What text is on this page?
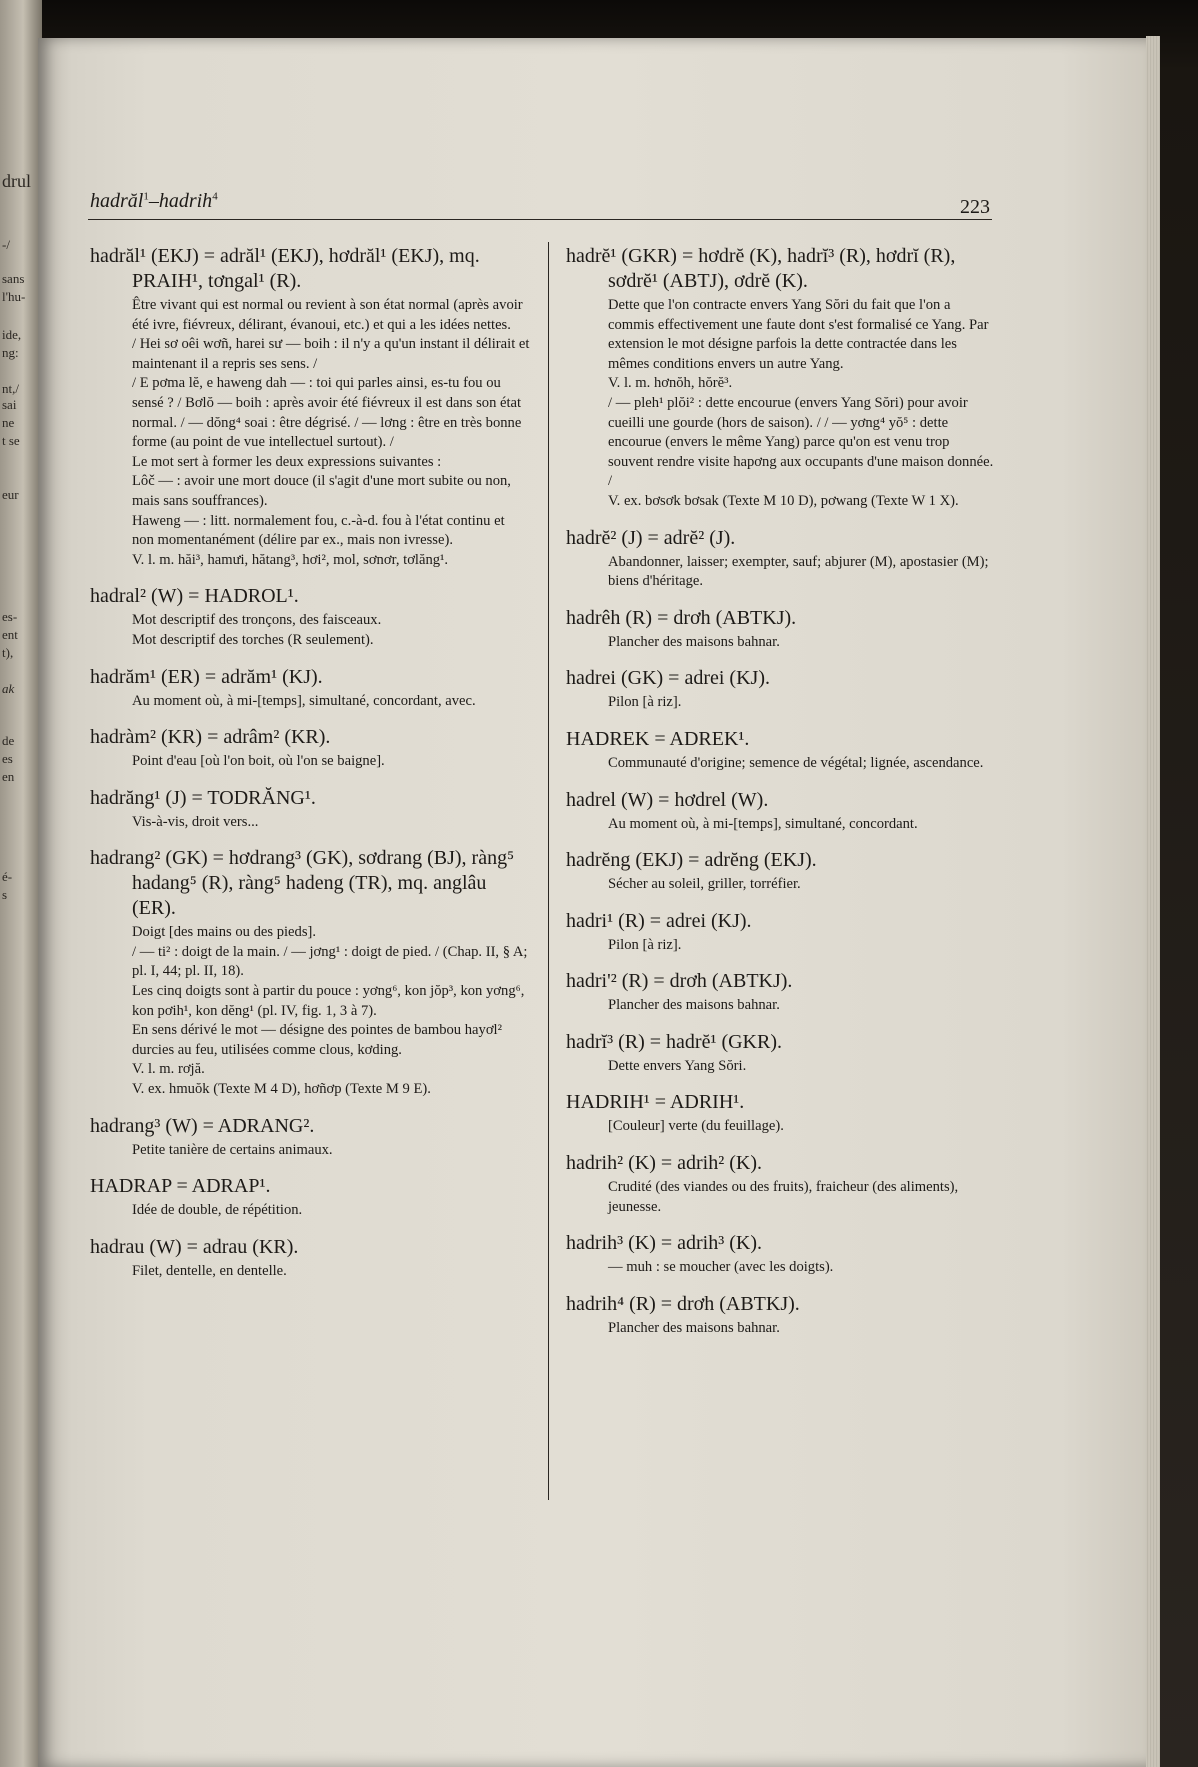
drul
-/
sans
l'hu-
ide,
ng:
nt,/
sai
ne
t se
eur
es-
ent
t),
ak
de
es
en
é-
s
hadrăl$^1$–hadrih$^4$	223
hadrăl¹ (EKJ) = adrăl¹ (EKJ), hơdrăl¹ (EKJ), mq. PRAIH¹, tơngal¹ (R).

Être vivant qui est normal ou revient à son état normal (après avoir été ivre, fiévreux, délirant, évanoui, etc.) et qui a les idées nettes.

/ Hei sơ oêi wơñ, harei sư — boih : il n'y a qu'un instant il délirait et maintenant il a repris ses sens. /

/ E pơma lĕ, e haweng dah — : toi qui parles ainsi, es-tu fou ou sensé ? / Bơlŏ — boih : après avoir été fiévreux il est dans son état normal. / — dŏng⁴ soai : être dégrisé. / — lơng : être en très bonne forme (au point de vue intellectuel surtout). /

Le mot sert à former les deux expressions suivantes :

Lôč — : avoir une mort douce (il s'agit d'une mort subite ou non, mais sans souffrances).

Haweng — : litt. normalement fou, c.-à-d. fou à l'état continu et non momentanément (délire par ex., mais non ivresse).

V. l. m. hăi³, hamưi, hătang³, hơi², mol, sơnơr, tơlăng¹.

hadral² (W) = HADROL¹.

Mot descriptif des tronçons, des faisceaux.

Mot descriptif des torches (R seulement).

hadrăm¹ (ER) = adrăm¹ (KJ).

Au moment où, à mi-[temps], simultané, concordant, avec.

hadràm² (KR) = adrâm² (KR).

Point d'eau [où l'on boit, où l'on se baigne].

hadrăng¹ (J) = TODRĂNG¹.

Vis-à-vis, droit vers...

hadrang² (GK) = hơdrang³ (GK), sơdrang (BJ), ràng⁵ hadang⁵ (R), ràng⁵ hadeng (TR), mq. anglâu (ER).

Doigt [des mains ou des pieds].

/ — ti² : doigt de la main. / — jơng¹ : doigt de pied. / (Chap. II, § A; pl. I, 44; pl. II, 18).

Les cinq doigts sont à partir du pouce : yơng⁶, kon jŏp³, kon yơng⁶, kon pơih¹, kon dĕng¹ (pl. IV, fig. 1, 3 à 7).

En sens dérivé le mot — désigne des pointes de bambou hayơl² durcies au feu, utilisées comme clous, kơding.

V. l. m. rơjă.

V. ex. hmuŏk (Texte M 4 D), hơñơp (Texte M 9 E).

hadrang³ (W) = ADRANG².

Petite tanière de certains animaux.

HADRAP = ADRAP¹.

Idée de double, de répétition.

hadrau (W) = adrau (KR).

Filet, dentelle, en dentelle.

hadrĕ¹ (GKR) = hơdrĕ (K), hadrĭ³ (R), hơdrĭ (R), sơdrĕ¹ (ABTJ), ơdrĕ (K).

Dette que l'on contracte envers Yang Sŏri du fait que l'on a commis effectivement une faute dont s'est formalisé ce Yang. Par extension le mot désigne parfois la dette contractée dans les mêmes conditions envers un autre Yang.

V. l. m. hơnŏh, hŏrĕ³.

/ — pleh¹ plŏi² : dette encourue (envers Yang Sŏri) pour avoir cueilli une gourde (hors de saison). / / — yơng⁴ yŏ⁵ : dette encourue (envers le même Yang) parce qu'on est venu trop souvent rendre visite hapơng aux occupants d'une maison donnée. /

V. ex. bơsơk bơsak (Texte M 10 D), pơwang (Texte W 1 X).

hadrĕ² (J) = adrĕ² (J).

Abandonner, laisser; exempter, sauf; abjurer (M), apostasier (M); biens d'héritage.

hadrêh (R) = drơh (ABTKJ).

Plancher des maisons bahnar.

hadrei (GK) = adrei (KJ).

Pilon [à riz].

HADREK = ADREK¹.

Communauté d'origine; semence de végétal; lignée, ascendance.

hadrel (W) = hơdrel (W).

Au moment où, à mi-[temps], simultané, concordant.

hadrĕng (EKJ) = adrĕng (EKJ).

Sécher au soleil, griller, torréfier.

hadri¹ (R) = adrei (KJ).

Pilon [à riz].

hadri'² (R) = drơh (ABTKJ).

Plancher des maisons bahnar.

hadrĭ³ (R) = hadrĕ¹ (GKR).

Dette envers Yang Sŏri.

HADRIH¹ = ADRIH¹.

[Couleur] verte (du feuillage).

hadrih² (K) = adrih² (K).

Crudité (des viandes ou des fruits), fraicheur (des aliments), jeunesse.

hadrih³ (K) = adrih³ (K).

— muh : se moucher (avec les doigts).

hadrih⁴ (R) = drơh (ABTKJ).

Plancher des maisons bahnar.
